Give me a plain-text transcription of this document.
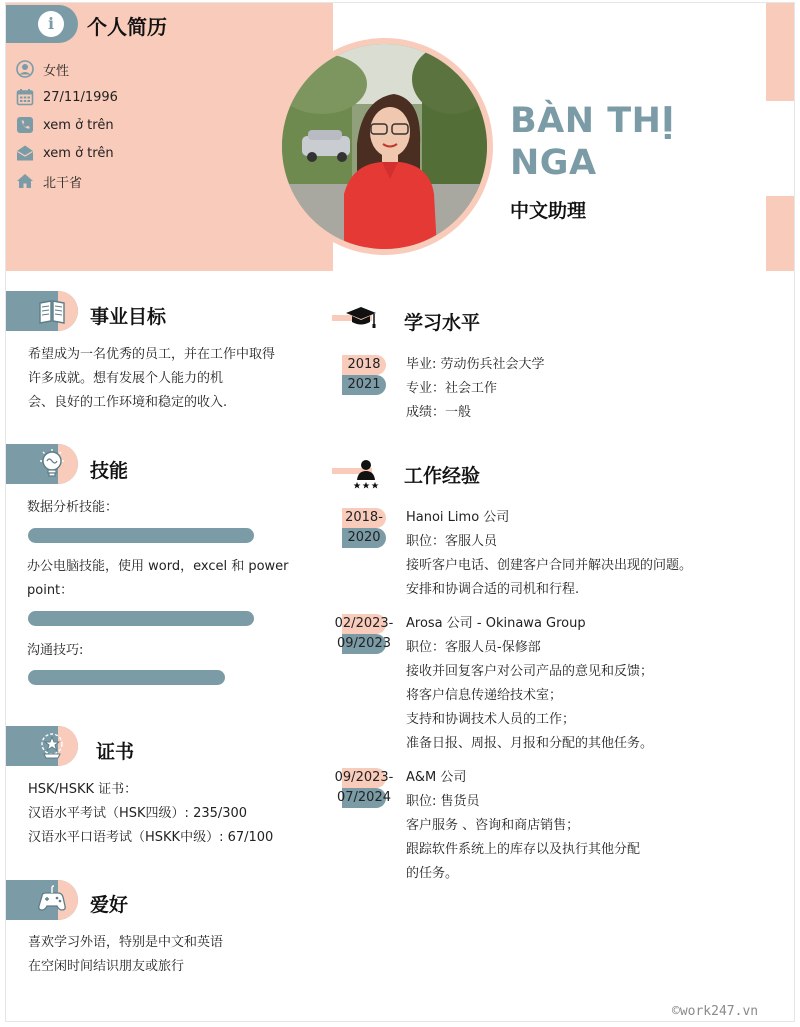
i	个人简历
女性
27/11/1996
xem ở trên
xem ở trên
北干省
BÀN THỊ
NGA
中文助理
事业目标
希望成为一名优秀的员工，并在工作中取得
许多成就。想有发展个人能力的机
会、良好的工作环境和稳定的收入.
技能
数据分析技能：
办公电脑技能，使用 word，excel 和 power
point：
沟通技巧:
证书
HSK/HSKK 证书：
汉语水平考试（HSK四级）: 235/300
汉语水平口语考试（HSKK中级）: 67/100
爱好
喜欢学习外语，特别是中文和英语
在空闲时间结识朋友或旅行
学习水平
2018
2021
毕业: 劳动伤兵社会大学
专业：社会工作
成绩：一般
工作经验
2018-
2020
Hanoi Limo 公司
职位：客服人员
接听客户电话、创建客户合同并解决出现的问题。
安排和协调合适的司机和行程.
02/2023-
09/2023
Arosa 公司 - Okinawa Group
职位：客服人员-保修部
接收并回复客户对公司产品的意见和反馈；
将客户信息传递给技术室；
支持和协调技术人员的工作；
准备日报、周报、月报和分配的其他任务。
09/2023-
07/2024
A&M 公司
职位: 售货员
客户服务 、咨询和商店销售；
跟踪软件系统上的库存以及执行其他分配
的任务。
©work247.vn
